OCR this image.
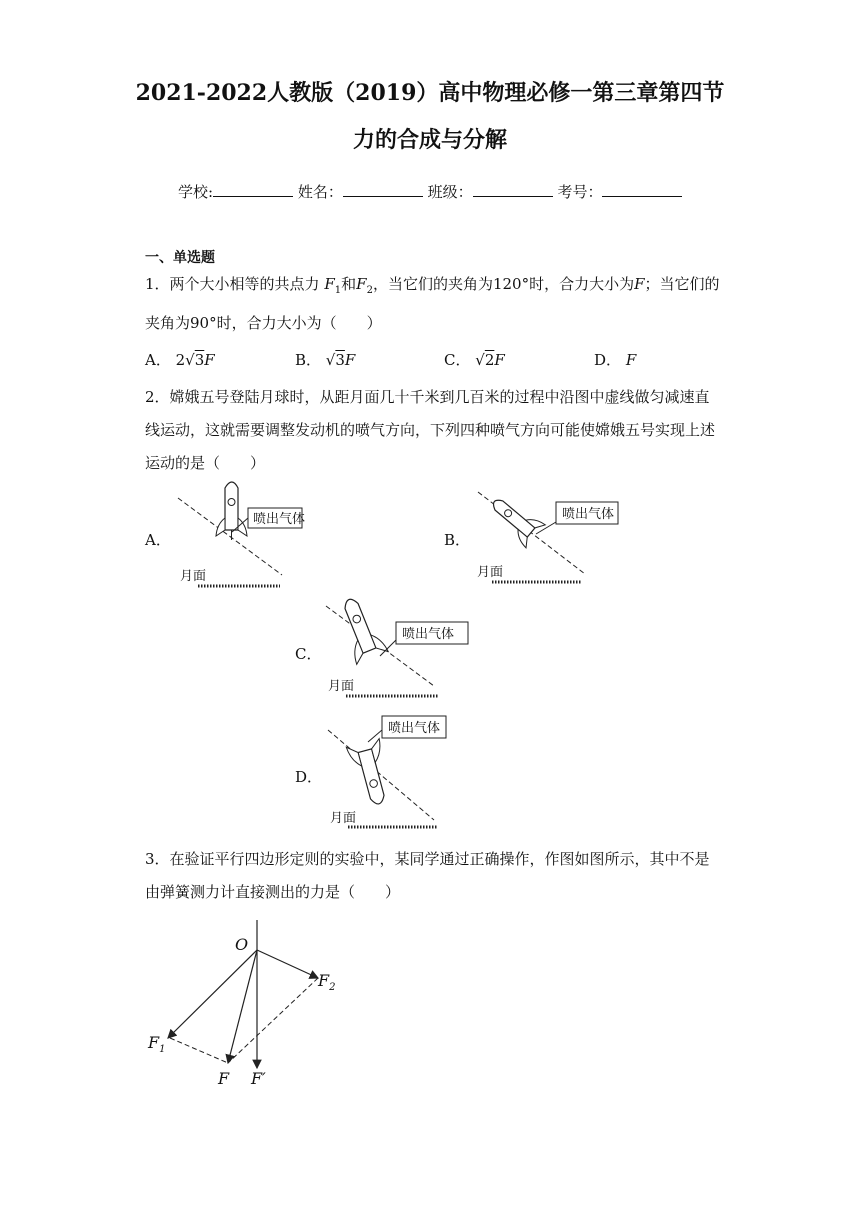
2021-2022人教版（2019）高中物理必修一第三章第四节
力的合成与分解
学校:	姓名：	班级：	考号：
一、单选题
1．两个大小相等的共点力 $F_1$和$F_2$，当它们的夹角为120°时，合力大小为F；当它们的
夹角为90°时，合力大小为（　　）
A． 2√3F	B． √3F	C． √2F	D． F
2．嫦娥五号登陆月球时，从距月面几十千米到几百米的过程中沿图中虚线做匀减速直
线运动，这就需要调整发动机的喷气方向，下列四种喷气方向可能使嫦娥五号实现上述
运动的是（　　）
A．
喷出气体
月面
B．
喷出气体
月面
C．
喷出气体
月面
D．
喷出气体
月面
3．在验证平行四边形定则的实验中，某同学通过正确操作，作图如图所示，其中不是
由弹簧测力计直接测出的力是（　　）
O
$F_2$
$F_1$
F F′
